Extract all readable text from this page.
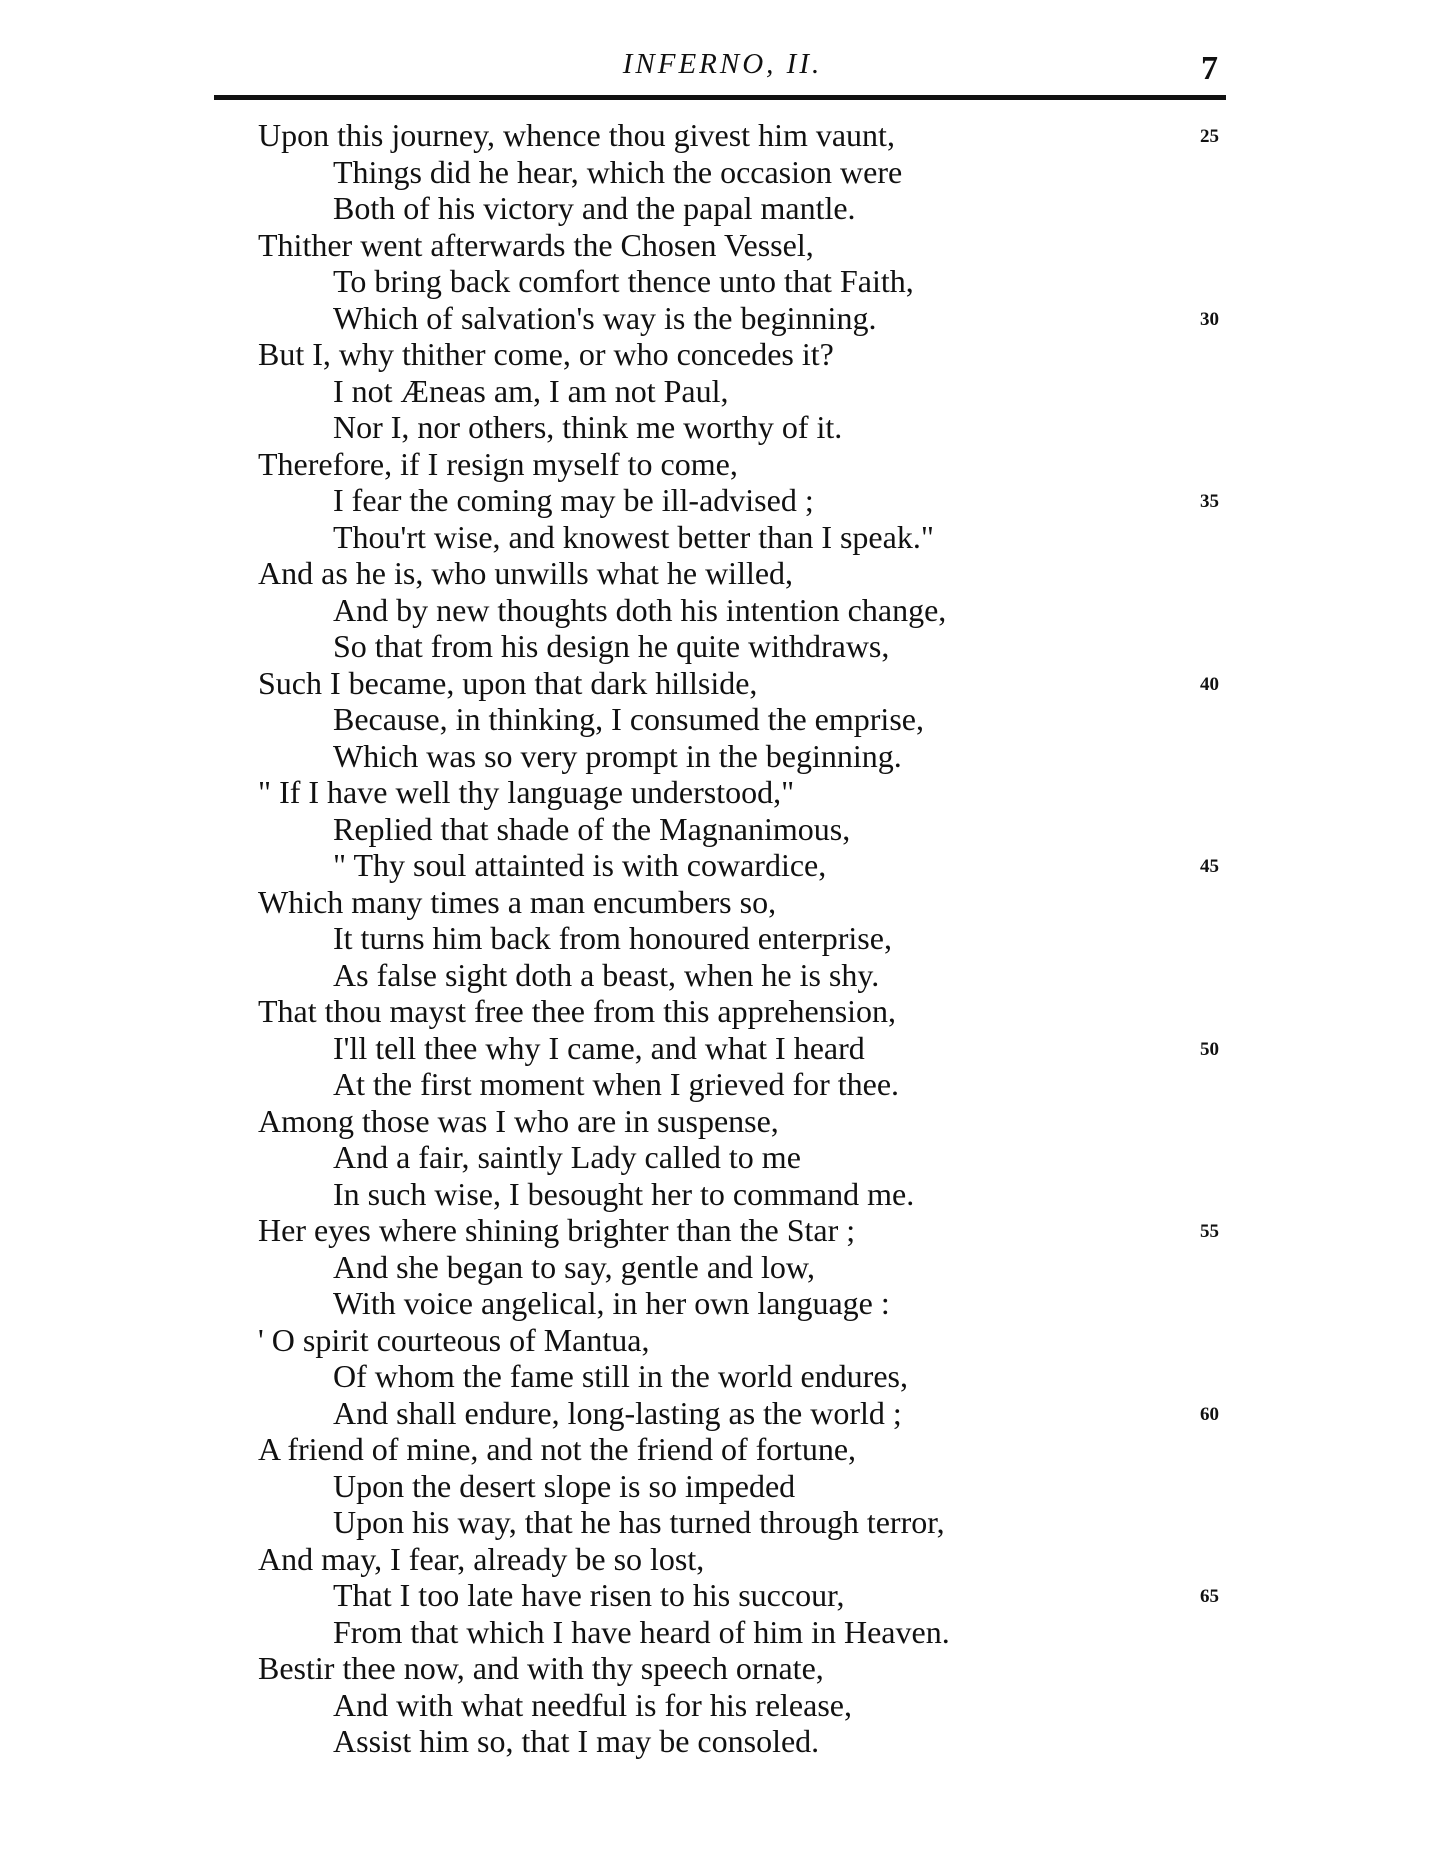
INFERNO, II.	7
Upon this journey, whence thou givest him vaunt,	25
Things did he hear, which the occasion were
Both of his victory and the papal mantle.
Thither went afterwards the Chosen Vessel,
To bring back comfort thence unto that Faith,
Which of salvation's way is the beginning.	30
But I, why thither come, or who concedes it?
I not Æneas am, I am not Paul,
Nor I, nor others, think me worthy of it.
Therefore, if I resign myself to come,
I fear the coming may be ill-advised ;	35
Thou'rt wise, and knowest better than I speak."
And as he is, who unwills what he willed,
And by new thoughts doth his intention change,
So that from his design he quite withdraws,
Such I became, upon that dark hillside,	40
Because, in thinking, I consumed the emprise,
Which was so very prompt in the beginning.
" If I have well thy language understood,"
Replied that shade of the Magnanimous,
" Thy soul attainted is with cowardice,	45
Which many times a man encumbers so,
It turns him back from honoured enterprise,
As false sight doth a beast, when he is shy.
That thou mayst free thee from this apprehension,
I'll tell thee why I came, and what I heard	50
At the first moment when I grieved for thee.
Among those was I who are in suspense,
And a fair, saintly Lady called to me
In such wise, I besought her to command me.
Her eyes where shining brighter than the Star ;	55
And she began to say, gentle and low,
With voice angelical, in her own language :
' O spirit courteous of Mantua,
Of whom the fame still in the world endures,
And shall endure, long-lasting as the world ;	60
A friend of mine, and not the friend of fortune,
Upon the desert slope is so impeded
Upon his way, that he has turned through terror,
And may, I fear, already be so lost,
That I too late have risen to his succour,	65
From that which I have heard of him in Heaven.
Bestir thee now, and with thy speech ornate,
And with what needful is for his release,
Assist him so, that I may be consoled.
